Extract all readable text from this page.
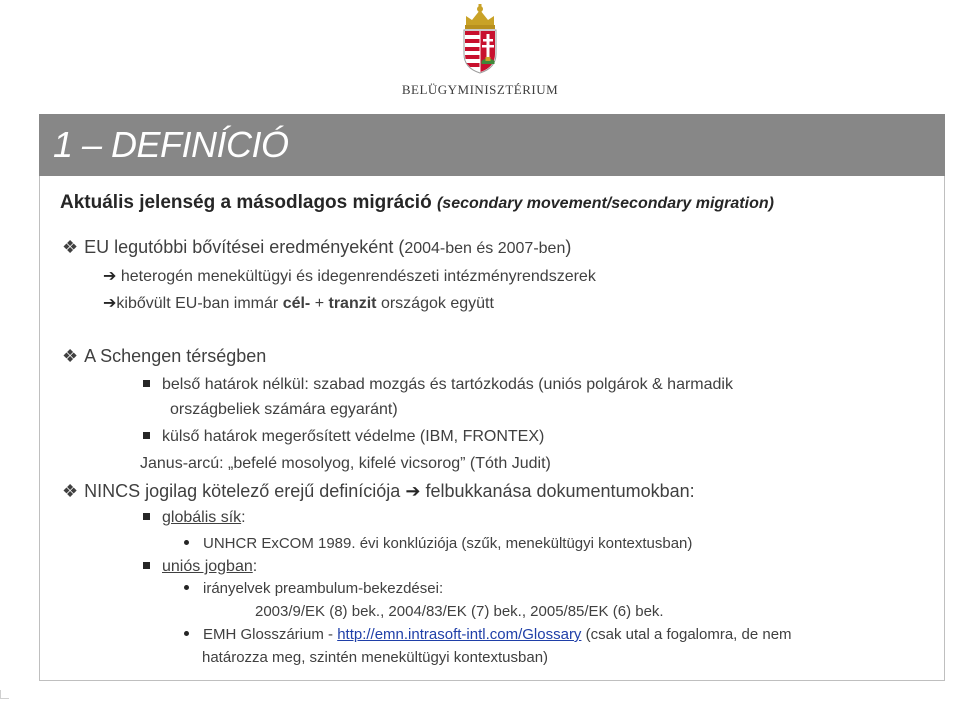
BELÜGYMINISZTÉRIUM
1 – DEFINÍCIÓ
Aktuális jelenség a másodlagos migráció (secondary movement/secondary migration)
❖ EU legutóbbi bővítései eredményeként (2004-ben és 2007-ben)
➔ heterogén menekültügyi és idegenrendészeti intézményrendszerek
➔kibővült EU-ban immár cél- + tranzit országok együtt
❖ A Schengen térségben
belső határok nélkül: szabad mozgás és tartózkodás (uniós polgárok & harmadik
országbeliek számára egyaránt)
külső határok megerősített védelme (IBM, FRONTEX)
Janus-arcú: „befelé mosolyog, kifelé vicsorog” (Tóth Judit)
❖ NINCS jogilag kötelező erejű definíciója ➔ felbukkanása dokumentumokban:
globális sík:
UNHCR ExCOM 1989. évi konklúziója (szűk, menekültügyi kontextusban)
uniós jogban:
irányelvek preambulum-bekezdései:
2003/9/EK (8) bek., 2004/83/EK (7) bek., 2005/85/EK (6) bek.
EMH Glosszárium - http://emn.intrasoft-intl.com/Glossary (csak utal a fogalomra, de nem
határozza meg, szintén menekültügyi kontextusban)
